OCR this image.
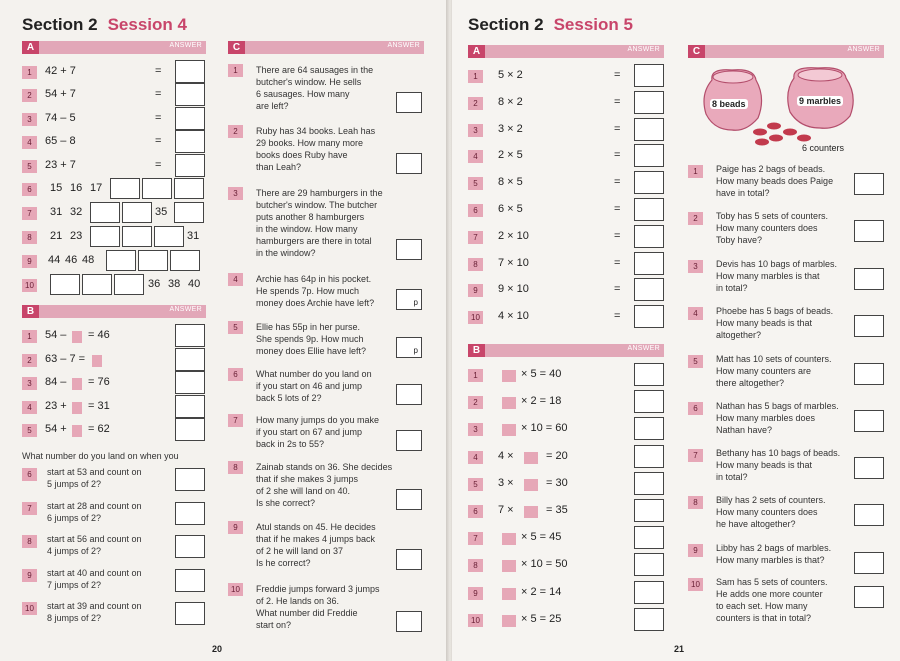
Section 2 Session 4
A	ANSWER
1	42 + 7	=
2	54 + 7	=
3	74 – 5	=
4	65 – 8	=
5	23 + 7	=
6	15 16 17
7	31 32	35
8	21 23	31
9	44 46 48
10	36 38 40
B	ANSWER
1	54 – = 46
2	63 – 7 =
3	84 – = 76
4	23 + = 31
5	54 + = 62
What number do you land on when you
6	start at 53 and count on
5 jumps of 2?
7	start at 28 and count on
6 jumps of 2?
8	start at 56 and count on
4 jumps of 2?
9	start at 40 and count on
7 jumps of 2?
10	start at 39 and count on
8 jumps of 2?
C	ANSWER
1	There are 64 sausages in the
butcher's window. He sells
6 sausages. How many
are left?
2	Ruby has 34 books. Leah has
29 books. How many more
books does Ruby have
than Leah?
3	There are 29 hamburgers in the
butcher's window. The butcher
puts another 8 hamburgers
in the window. How many
hamburgers are there in total
in the window?
4	Archie has 64p in his pocket.
He spends 7p. How much
money does Archie have left?	p
5	Ellie has 55p in her purse.
She spends 9p. How much
money does Ellie have left?	p
6	What number do you land on
if you start on 46 and jump
back 5 lots of 2?
7	How many jumps do you make
if you start on 67 and jump
back in 2s to 55?
8	Zainab stands on 36. She decides
that if she makes 3 jumps
of 2 she will land on 40.
Is she correct?
9	Atul stands on 45. He decides
that if he makes 4 jumps back
of 2 he will land on 37
Is he correct?
10	Freddie jumps forward 3 jumps
of 2. He lands on 36.
What number did Freddie
start on?
20
Section 2 Session 5
A	ANSWER
1	5 × 2	=
2	8 × 2	=
3	3 × 2	=
4	2 × 5	=
5	8 × 5	=
6	6 × 5	=
7	2 × 10	=
8	7 × 10	=
9	9 × 10	=
10 4 × 10	=
B	ANSWER
1	× 5 = 40
2	× 2 = 18
3	× 10 = 60
4	4 ×	= 20
5	3 ×	= 30
6	7 ×	= 35
7	× 5 = 45
8	× 10 = 50
9	× 2 = 14
10	× 5 = 25
C	ANSWER
8 beads	9 marbles
6 counters
1	Paige has 2 bags of beads.
How many beads does Paige
have in total?
2	Toby has 5 sets of counters.
How many counters does
Toby have?
3	Devis has 10 bags of marbles.
How many marbles is that
in total?
4	Phoebe has 5 bags of beads.
How many beads is that
altogether?
5	Matt has 10 sets of counters.
How many counters are
there altogether?
6	Nathan has 5 bags of marbles.
How many marbles does
Nathan have?
7	Bethany has 10 bags of beads.
How many beads is that
in total?
8	Billy has 2 sets of counters.
How many counters does
he have altogether?
9	Libby has 2 bags of marbles.
How many marbles is that?
10	Sam has 5 sets of counters.
He adds one more counter
to each set. How many
counters is that in total?
21
